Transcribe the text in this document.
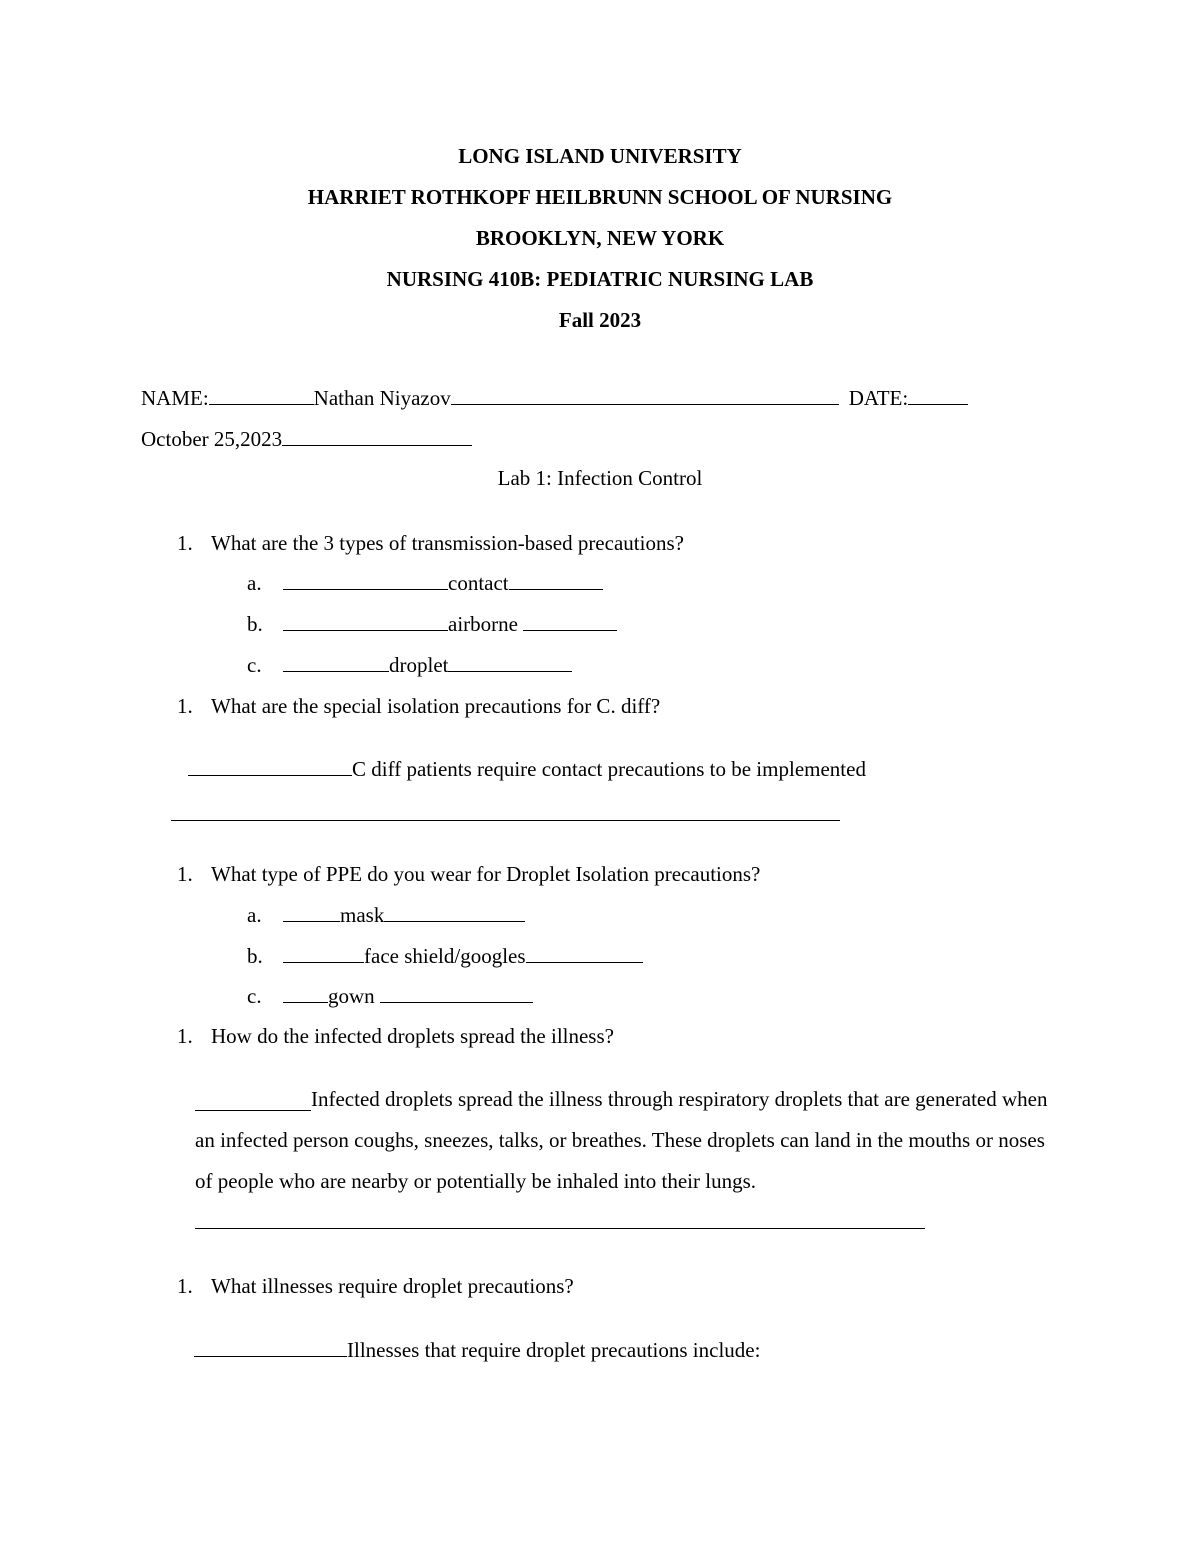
LONG ISLAND UNIVERSITY
HARRIET ROTHKOPF HEILBRUNN SCHOOL OF NURSING
BROOKLYN, NEW YORK
NURSING 410B: PEDIATRIC NURSING LAB
Fall 2023
NAME:	Nathan Niyazov	DATE:
October 25,2023
Lab 1: Infection Control
1. What are the 3 types of transmission-based precautions?
a.	contact
b.	airborne
c.	droplet
1. What are the special isolation precautions for C. diff?
C diff patients require contact precautions to be implemented
1. What type of PPE do you wear for Droplet Isolation precautions?
a.	mask
b.	face shield/googles
c.	gown
1. How do the infected droplets spread the illness?
Infected droplets spread the illness through respiratory droplets that are generated when an infected person coughs, sneezes, talks, or breathes. These droplets can land in the mouths or noses of people who are nearby or potentially be inhaled into their lungs.
1. What illnesses require droplet precautions?
Illnesses that require droplet precautions include:
